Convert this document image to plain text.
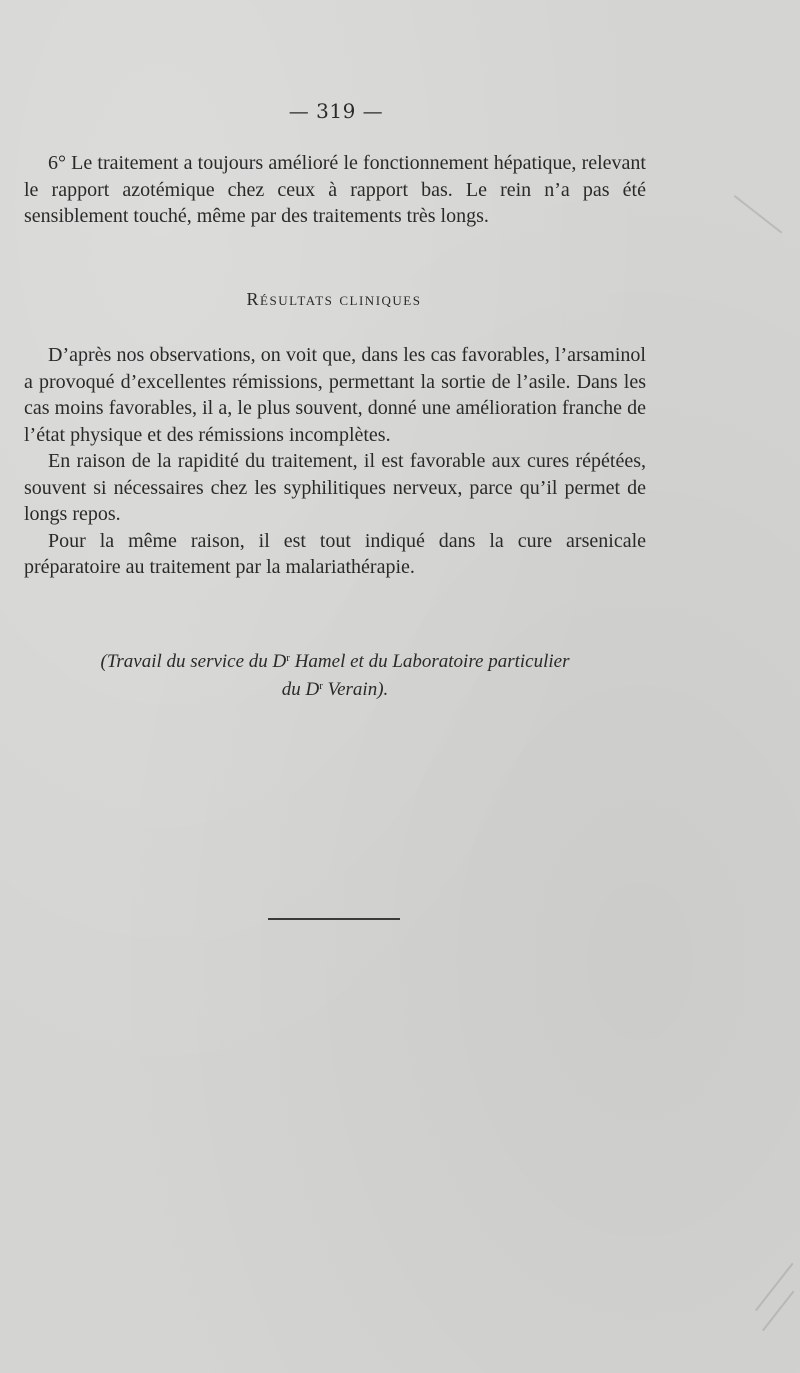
— 319 —

6° Le traitement a toujours amélioré le fonctionnement hépatique, relevant le rapport azotémique chez ceux à rapport bas. Le rein n’a pas été sensiblement touché, même par des traitements très longs.

Résultats cliniques

D’après nos observations, on voit que, dans les cas favorables, l’arsaminol a provoqué d’excellentes rémissions, permettant la sortie de l’asile. Dans les cas moins favorables, il a, le plus souvent, donné une amélioration franche de l’état physique et des rémissions incomplètes.

En raison de la rapidité du traitement, il est favorable aux cures répétées, souvent si nécessaires chez les syphilitiques nerveux, parce qu’il permet de longs repos.

Pour la même raison, il est tout indiqué dans la cure arsenicale préparatoire au traitement par la malariathérapie.

(Travail du service du $D^r$ Hamel et du Laboratoire particulier
du $D^r$ Verain).
